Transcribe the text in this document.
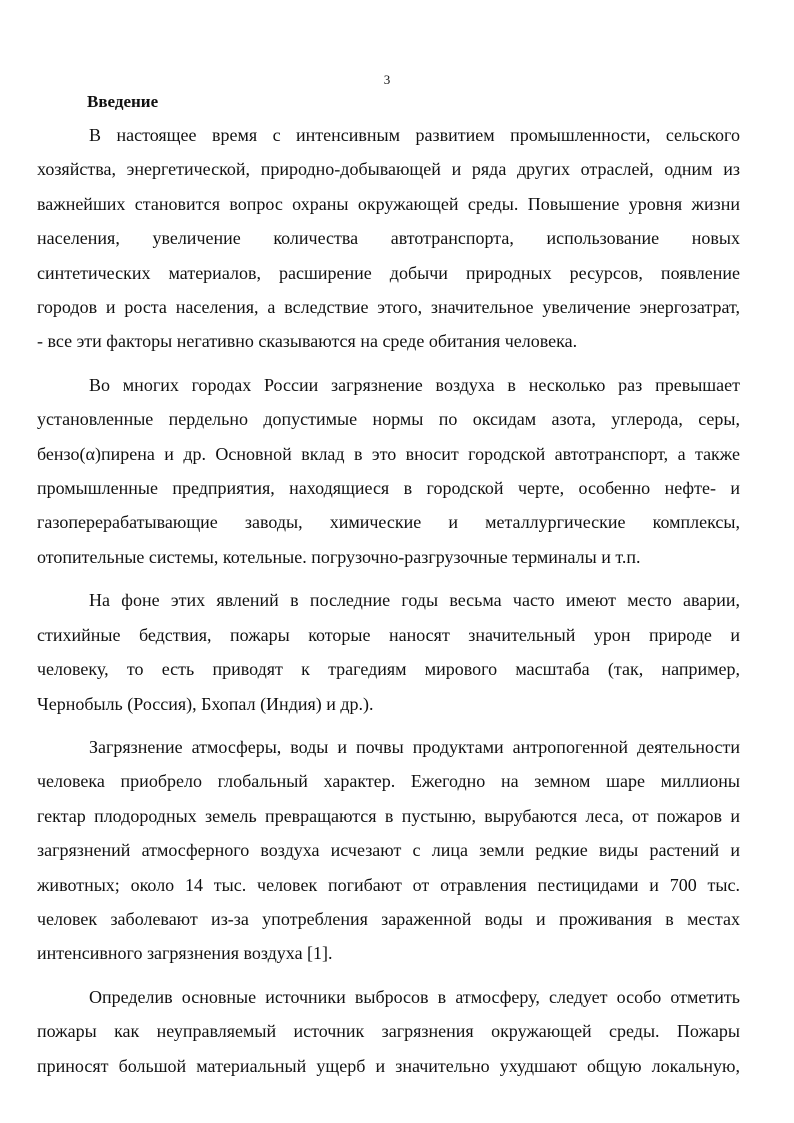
3
Введение
В настоящее время с интенсивным развитием промышленности, сельского
хозяйства, энергетической, природно-добывающей и ряда других отраслей, одним из
важнейших становится вопрос охраны окружающей среды. Повышение уровня жизни
населения, увеличение количества автотранспорта, использование новых
синтетических материалов, расширение добычи природных ресурсов, появление
городов и роста населения, а вследствие этого, значительное увеличение энергозатрат,
- все эти факторы негативно сказываются на среде обитания человека.
Во многих городах России загрязнение воздуха в несколько раз превышает
установленные пердельно допустимые нормы по оксидам азота, углерода, серы,
бензо(α)пирена и др. Основной вклад в это вносит городской автотранспорт, а также
промышленные предприятия, находящиеся в городской черте, особенно нефте- и
газоперерабатывающие заводы, химические и металлургические комплексы,
отопительные системы, котельные. погрузочно-разгрузочные терминалы и т.п.
На фоне этих явлений в последние годы весьма часто имеют место аварии,
стихийные бедствия, пожары которые наносят значительный урон природе и
человеку, то есть приводят к трагедиям мирового масштаба (так, например,
Чернобыль (Россия), Бхопал (Индия) и др.).
Загрязнение атмосферы, воды и почвы продуктами антропогенной деятельности
человека приобрело глобальный характер. Ежегодно на земном шаре миллионы
гектар плодородных земель превращаются в пустыню, вырубаются леса, от пожаров и
загрязнений атмосферного воздуха исчезают с лица земли редкие виды растений и
животных; около 14 тыс. человек погибают от отравления пестицидами и 700 тыс.
человек заболевают из-за употребления зараженной воды и проживания в местах
интенсивного загрязнения воздуха [1].
Определив основные источники выбросов в атмосферу, следует особо отметить
пожары как неуправляемый источник загрязнения окружающей среды. Пожары
приносят большой материальный ущерб и значительно ухудшают общую локальную,
